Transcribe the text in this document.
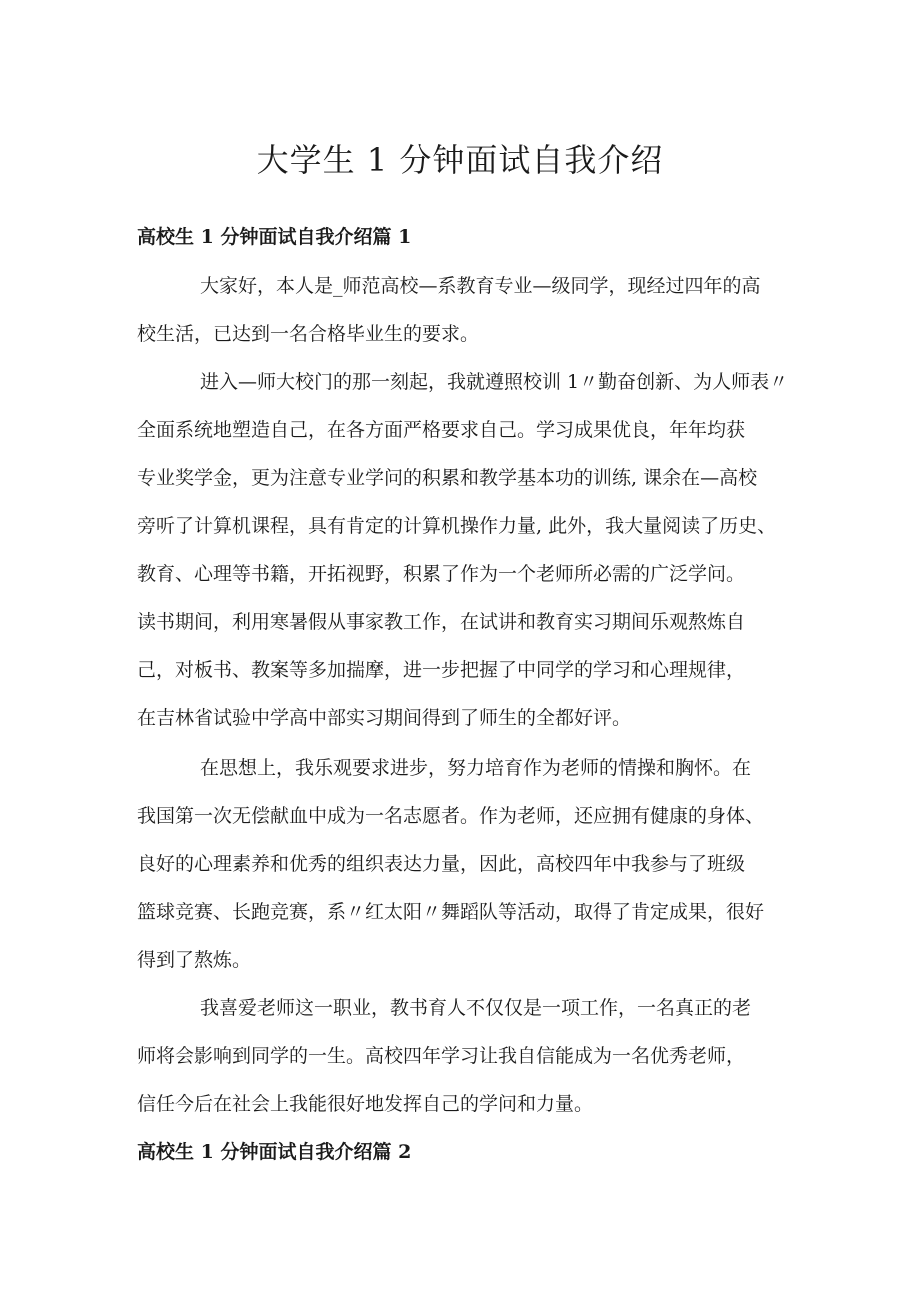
大学生 1 分钟面试自我介绍
高校生 1 分钟面试自我介绍篇 1

大家好，本人是_师范高校—系教育专业—级同学，现经过四年的高

校生活，已达到一名合格毕业生的要求。

进入—师大校门的那一刻起，我就遵照校训 1〃勤奋创新、为人师表〃

全面系统地塑造自己，在各方面严格要求自己。学习成果优良，年年均获

专业奖学金，更为注意专业学问的积累和教学基本功的训练, 课余在—高校

旁听了计算机课程，具有肯定的计算机操作力量, 此外，我大量阅读了历史、

教育、心理等书籍，开拓视野，积累了作为一个老师所必需的广泛学问。

读书期间，利用寒暑假从事家教工作，在试讲和教育实习期间乐观熬炼自

己，对板书、教案等多加揣摩，进一步把握了中同学的学习和心理规律，

在吉林省试验中学高中部实习期间得到了师生的全都好评。

在思想上，我乐观要求进步，努力培育作为老师的情操和胸怀。在

我国第一次无偿献血中成为一名志愿者。作为老师，还应拥有健康的身体、

良好的心理素养和优秀的组织表达力量，因此，高校四年中我参与了班级

篮球竞赛、长跑竞赛，系〃红太阳〃舞蹈队等活动，取得了肯定成果，很好

得到了熬炼。

我喜爱老师这一职业，教书育人不仅仅是一项工作，一名真正的老

师将会影响到同学的一生。高校四年学习让我自信能成为一名优秀老师，

信任今后在社会上我能很好地发挥自己的学问和力量。

高校生 1 分钟面试自我介绍篇 2
